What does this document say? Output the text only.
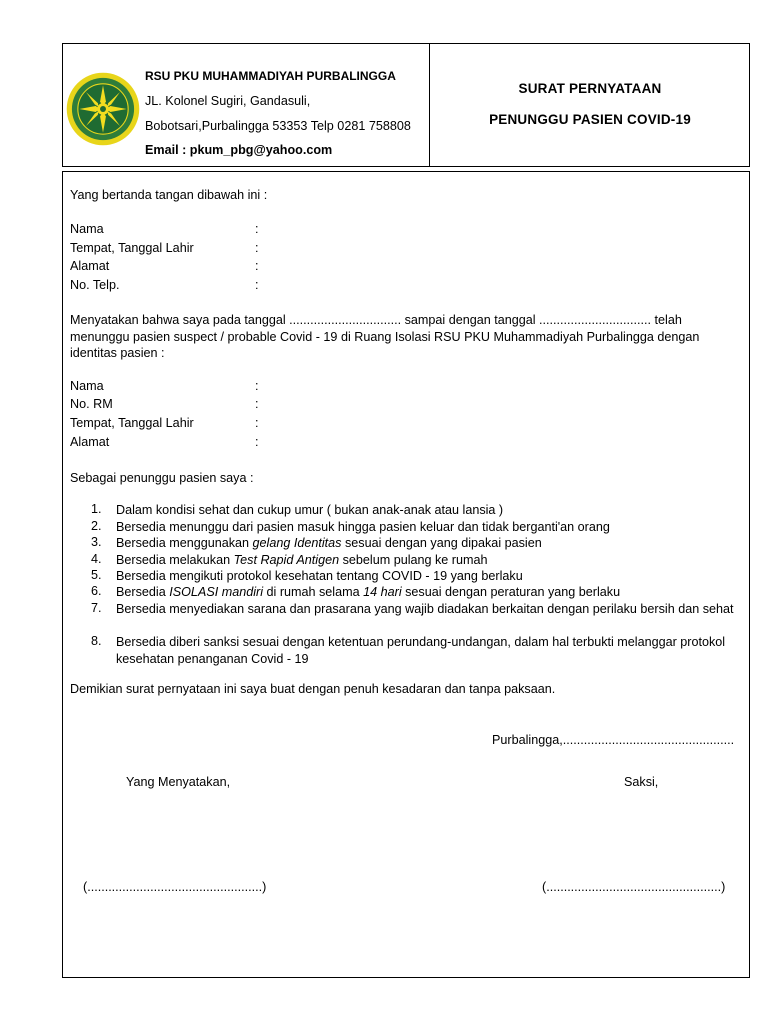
RSU PKU MUHAMMADIYAH PURBALINGGA
JL. Kolonel Sugiri, Gandasuli,
Bobotsari,Purbalingga 53353 Telp 0281 758808
Email : pkum_pbg@yahoo.com
SURAT PERNYATAAN
PENUNGGU PASIEN COVID-19
Yang bertanda tangan dibawah ini :
Nama	:
Tempat, Tanggal Lahir	:
Alamat	:
No. Telp.	:
Menyatakan bahwa saya pada tanggal ................................ sampai dengan tanggal ................................ telah menunggu pasien suspect / probable Covid - 19 di Ruang Isolasi RSU PKU Muhammadiyah Purbalingga dengan identitas pasien :
Nama	:
No. RM	:
Tempat, Tanggal Lahir	:
Alamat	:
Sebagai penunggu pasien saya :
1. Dalam kondisi sehat dan cukup umur ( bukan anak-anak atau lansia )
2. Bersedia menunggu dari pasien masuk hingga pasien keluar dan tidak berganti'an orang
3. Bersedia menggunakan gelang Identitas sesuai dengan yang dipakai pasien
4. Bersedia melakukan Test Rapid Antigen sebelum pulang ke rumah
5. Bersedia mengikuti protokol kesehatan tentang COVID - 19 yang berlaku
6. Bersedia ISOLASI mandiri di rumah selama 14 hari sesuai dengan peraturan yang berlaku
7. Bersedia menyediakan sarana dan prasarana yang wajib diadakan berkaitan dengan perilaku bersih dan sehat
8. Bersedia diberi sanksi sesuai dengan ketentuan perundang-undangan, dalam hal terbukti melanggar protokol kesehatan penanganan Covid - 19
Demikian surat pernyataan ini saya buat dengan penuh kesadaran dan tanpa paksaan.
Purbalingga,.................................................
Yang Menyatakan,	Saksi,
(..................................................)	(..................................................)
